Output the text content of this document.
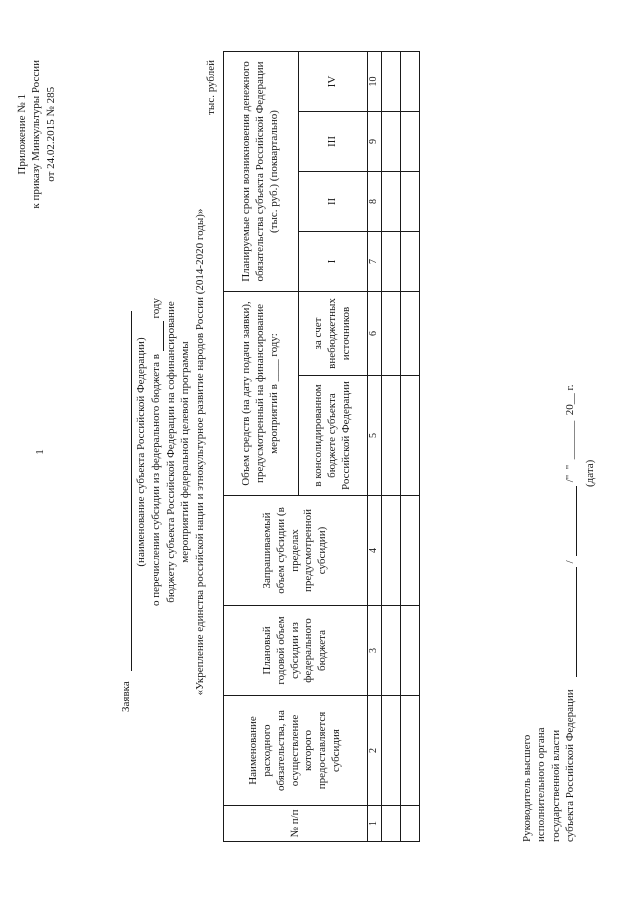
1
Приложение № 1 к приказу Минкультуры России от 24.02.2015 № 285
Заявка
(наименование субъекта Российской Федерации) о перечислении субсидии из федерального бюджета в  году бюджету субъекта Российской Федерации на софинансирование мероприятий федеральной целевой программы «Укрепление единства российской нации и этнокультурное развитие народов России (2014-2020 годы)»
тыс. рублей
№ п/п	Наименование расходного обязательства, на осуществление которого предоставляется субсидия	Плановый годовой объем субсидии из федерального бюджета	Запрашиваемый объем субсидии (в пределах предусмотренной субсидии)	Объем средств (на дату подачи заявки), предусмотренный на финансирование мероприятий в ____ году:		Планируемые сроки возникновения денежного обязательства субъекта Российской Федерации (тыс. руб.) (поквартально)			
				в консолидированном бюджете субъекта Российской Федерации	за счет внебюджетных источников	I	II	III	IV
1	2	3	4	5	6	7	8	9	10

Руководитель высшего исполнительного органа государственной власти субъекта Российской Федерации
/
/"  "  _______  20__ г. (дата)
